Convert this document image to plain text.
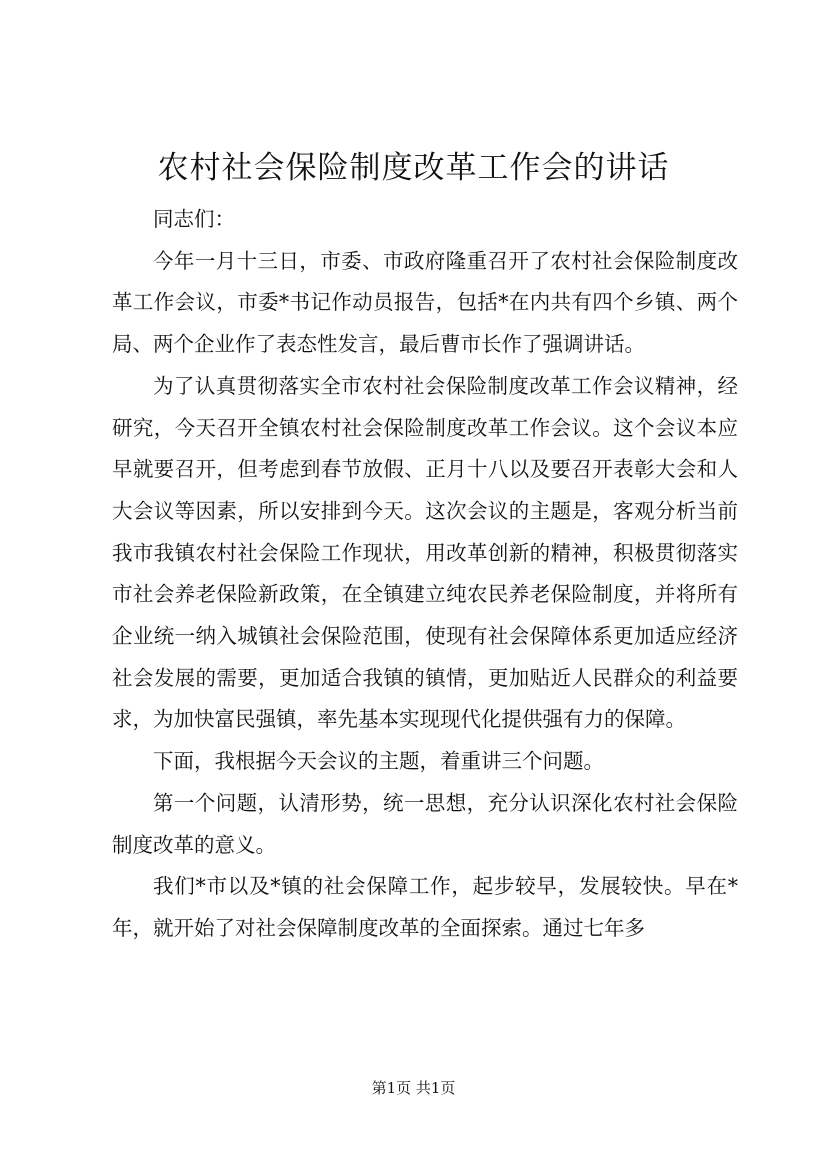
农村社会保险制度改革工作会的讲话

同志们：

今年一月十三日，市委、市政府隆重召开了农村社会保险制度改革工作会议，市委*书记作动员报告，包括*在内共有四个乡镇、两个局、两个企业作了表态性发言，最后曹市长作了强调讲话。

为了认真贯彻落实全市农村社会保险制度改革工作会议精神，经研究，今天召开全镇农村社会保险制度改革工作会议。这个会议本应早就要召开，但考虑到春节放假、正月十八以及要召开表彰大会和人大会议等因素，所以安排到今天。这次会议的主题是，客观分析当前我市我镇农村社会保险工作现状，用改革创新的精神，积极贯彻落实市社会养老保险新政策，在全镇建立纯农民养老保险制度，并将所有企业统一纳入城镇社会保险范围，使现有社会保障体系更加适应经济社会发展的需要，更加适合我镇的镇情，更加贴近人民群众的利益要求，为加快富民强镇，率先基本实现现代化提供强有力的保障。

下面，我根据今天会议的主题，着重讲三个问题。

第一个问题，认清形势，统一思想，充分认识深化农村社会保险制度改革的意义。

我们*市以及*镇的社会保障工作，起步较早，发展较快。早在*年，就开始了对社会保障制度改革的全面探索。通过七年多

第1页 共1页
